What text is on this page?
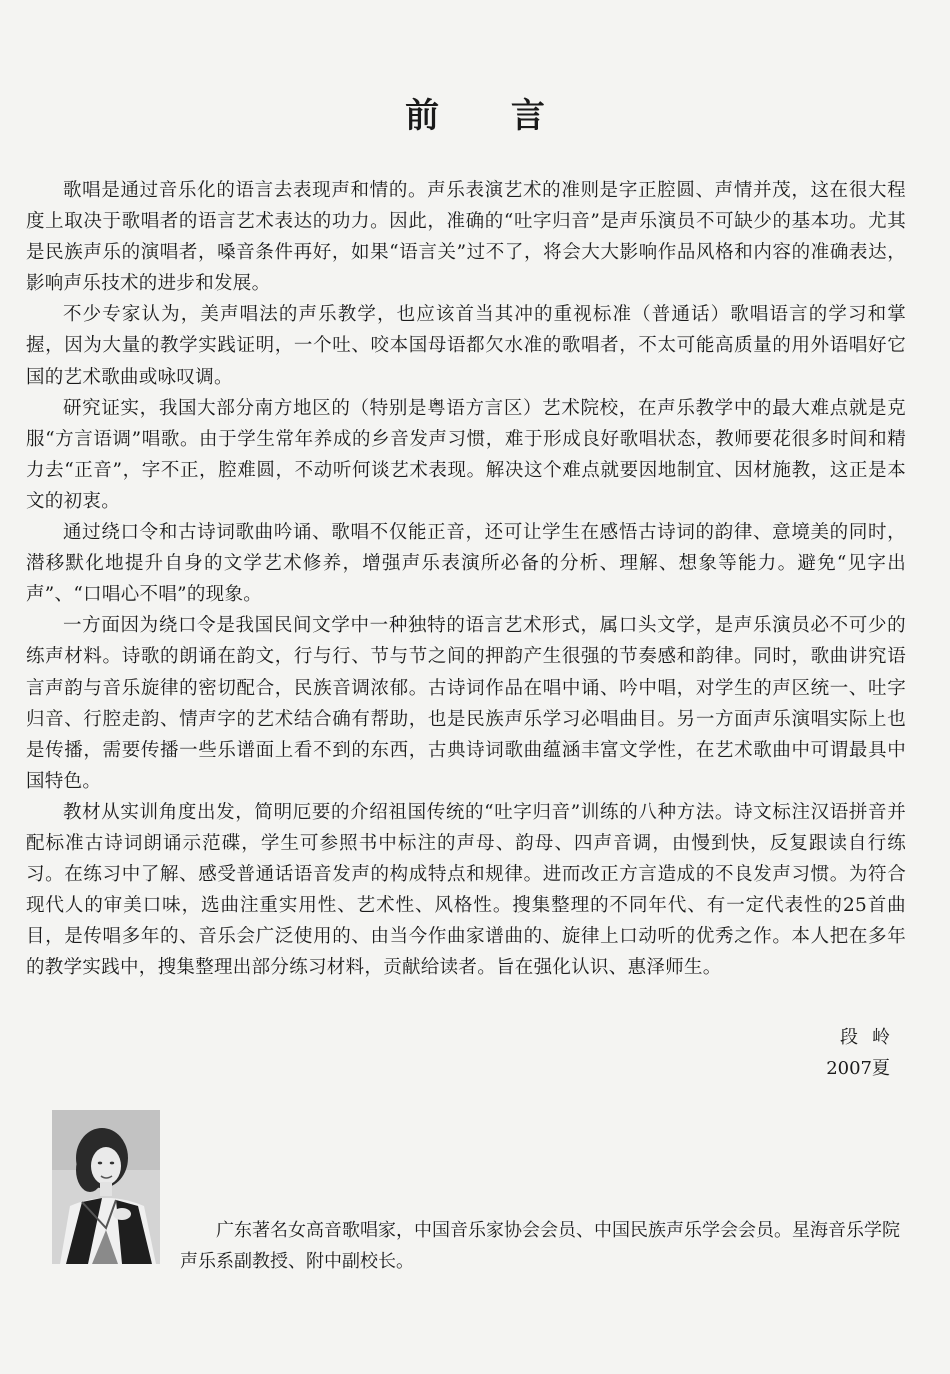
前 言

歌唱是通过音乐化的语言去表现声和情的。声乐表演艺术的准则是字正腔圆、声情并茂，这在很大程度上取决于歌唱者的语言艺术表达的功力。因此，准确的“吐字归音”是声乐演员不可缺少的基本功。尤其是民族声乐的演唱者，嗓音条件再好，如果“语言关”过不了，将会大大影响作品风格和内容的准确表达，影响声乐技术的进步和发展。

不少专家认为，美声唱法的声乐教学，也应该首当其冲的重视标准（普通话）歌唱语言的学习和掌握，因为大量的教学实践证明，一个吐、咬本国母语都欠水准的歌唱者，不太可能高质量的用外语唱好它国的艺术歌曲或咏叹调。

研究证实，我国大部分南方地区的（特别是粤语方言区）艺术院校，在声乐教学中的最大难点就是克服“方言语调”唱歌。由于学生常年养成的乡音发声习惯，难于形成良好歌唱状态，教师要花很多时间和精力去“正音”，字不正，腔难圆，不动听何谈艺术表现。解决这个难点就要因地制宜、因材施教，这正是本文的初衷。

通过绕口令和古诗词歌曲吟诵、歌唱不仅能正音，还可让学生在感悟古诗词的韵律、意境美的同时，潜移默化地提升自身的文学艺术修养，增强声乐表演所必备的分析、理解、想象等能力。避免“见字出声”、“口唱心不唱”的现象。

一方面因为绕口令是我国民间文学中一种独特的语言艺术形式，属口头文学，是声乐演员必不可少的练声材料。诗歌的朗诵在韵文，行与行、节与节之间的押韵产生很强的节奏感和韵律。同时，歌曲讲究语言声韵与音乐旋律的密切配合，民族音调浓郁。古诗词作品在唱中诵、吟中唱，对学生的声区统一、吐字归音、行腔走韵、情声字的艺术结合确有帮助，也是民族声乐学习必唱曲目。另一方面声乐演唱实际上也是传播，需要传播一些乐谱面上看不到的东西，古典诗词歌曲蕴涵丰富文学性，在艺术歌曲中可谓最具中国特色。

教材从实训角度出发，简明厄要的介绍祖国传统的“吐字归音”训练的八种方法。诗文标注汉语拼音并配标准古诗词朗诵示范碟，学生可参照书中标注的声母、韵母、四声音调，由慢到快，反复跟读自行练习。在练习中了解、感受普通话语音发声的构成特点和规律。进而改正方言造成的不良发声习惯。为符合现代人的审美口味，选曲注重实用性、艺术性、风格性。搜集整理的不同年代、有一定代表性的25首曲目，是传唱多年的、音乐会广泛使用的、由当今作曲家谱曲的、旋律上口动听的优秀之作。本人把在多年的教学实践中，搜集整理出部分练习材料，贡献给读者。旨在强化认识、惠泽师生。

段岭
2007夏

广东著名女高音歌唱家，中国音乐家协会会员、中国民族声乐学会会员。星海音乐学院声乐系副教授、附中副校长。
